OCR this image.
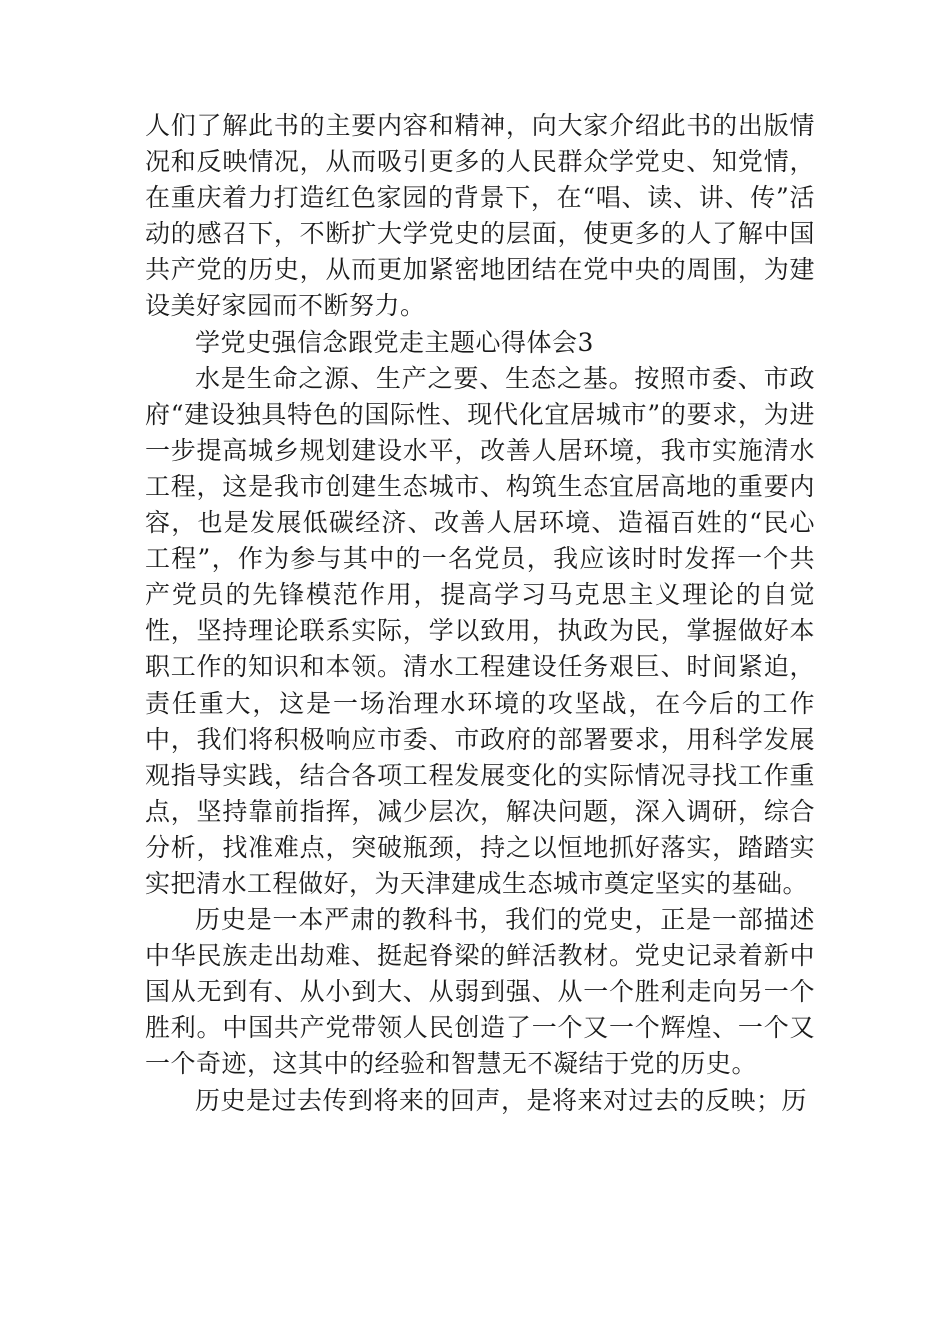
人们了解此书的主要内容和精神，向大家介绍此书的出版情况和反映情况，从而吸引更多的人民群众学党史、知党情，在重庆着力打造红色家园的背景下，在“唱、读、讲、传”活动的感召下，不断扩大学党史的层面，使更多的人了解中国共产党的历史，从而更加紧密地团结在党中央的周围，为建设美好家园而不断努力。

学党史强信念跟党走主题心得体会3

水是生命之源、生产之要、生态之基。按照市委、市政府“建设独具特色的国际性、现代化宜居城市”的要求，为进一步提高城乡规划建设水平，改善人居环境，我市实施清水工程，这是我市创建生态城市、构筑生态宜居高地的重要内容，也是发展低碳经济、改善人居环境、造福百姓的“民心工程”，作为参与其中的一名党员，我应该时时发挥一个共产党员的先锋模范作用，提高学习马克思主义理论的自觉性，坚持理论联系实际，学以致用，执政为民，掌握做好本职工作的知识和本领。清水工程建设任务艰巨、时间紧迫，责任重大，这是一场治理水环境的攻坚战，在今后的工作中，我们将积极响应市委、市政府的部署要求，用科学发展观指导实践，结合各项工程发展变化的实际情况寻找工作重点，坚持靠前指挥，减少层次，解决问题，深入调研，综合分析，找准难点，突破瓶颈，持之以恒地抓好落实，踏踏实实把清水工程做好，为天津建成生态城市奠定坚实的基础。

历史是一本严肃的教科书，我们的党史，正是一部描述中华民族走出劫难、挺起脊梁的鲜活教材。党史记录着新中国从无到有、从小到大、从弱到强、从一个胜利走向另一个胜利。中国共产党带领人民创造了一个又一个辉煌、一个又一个奇迹，这其中的经验和智慧无不凝结于党的历史。

历史是过去传到将来的回声，是将来对过去的反映；历
